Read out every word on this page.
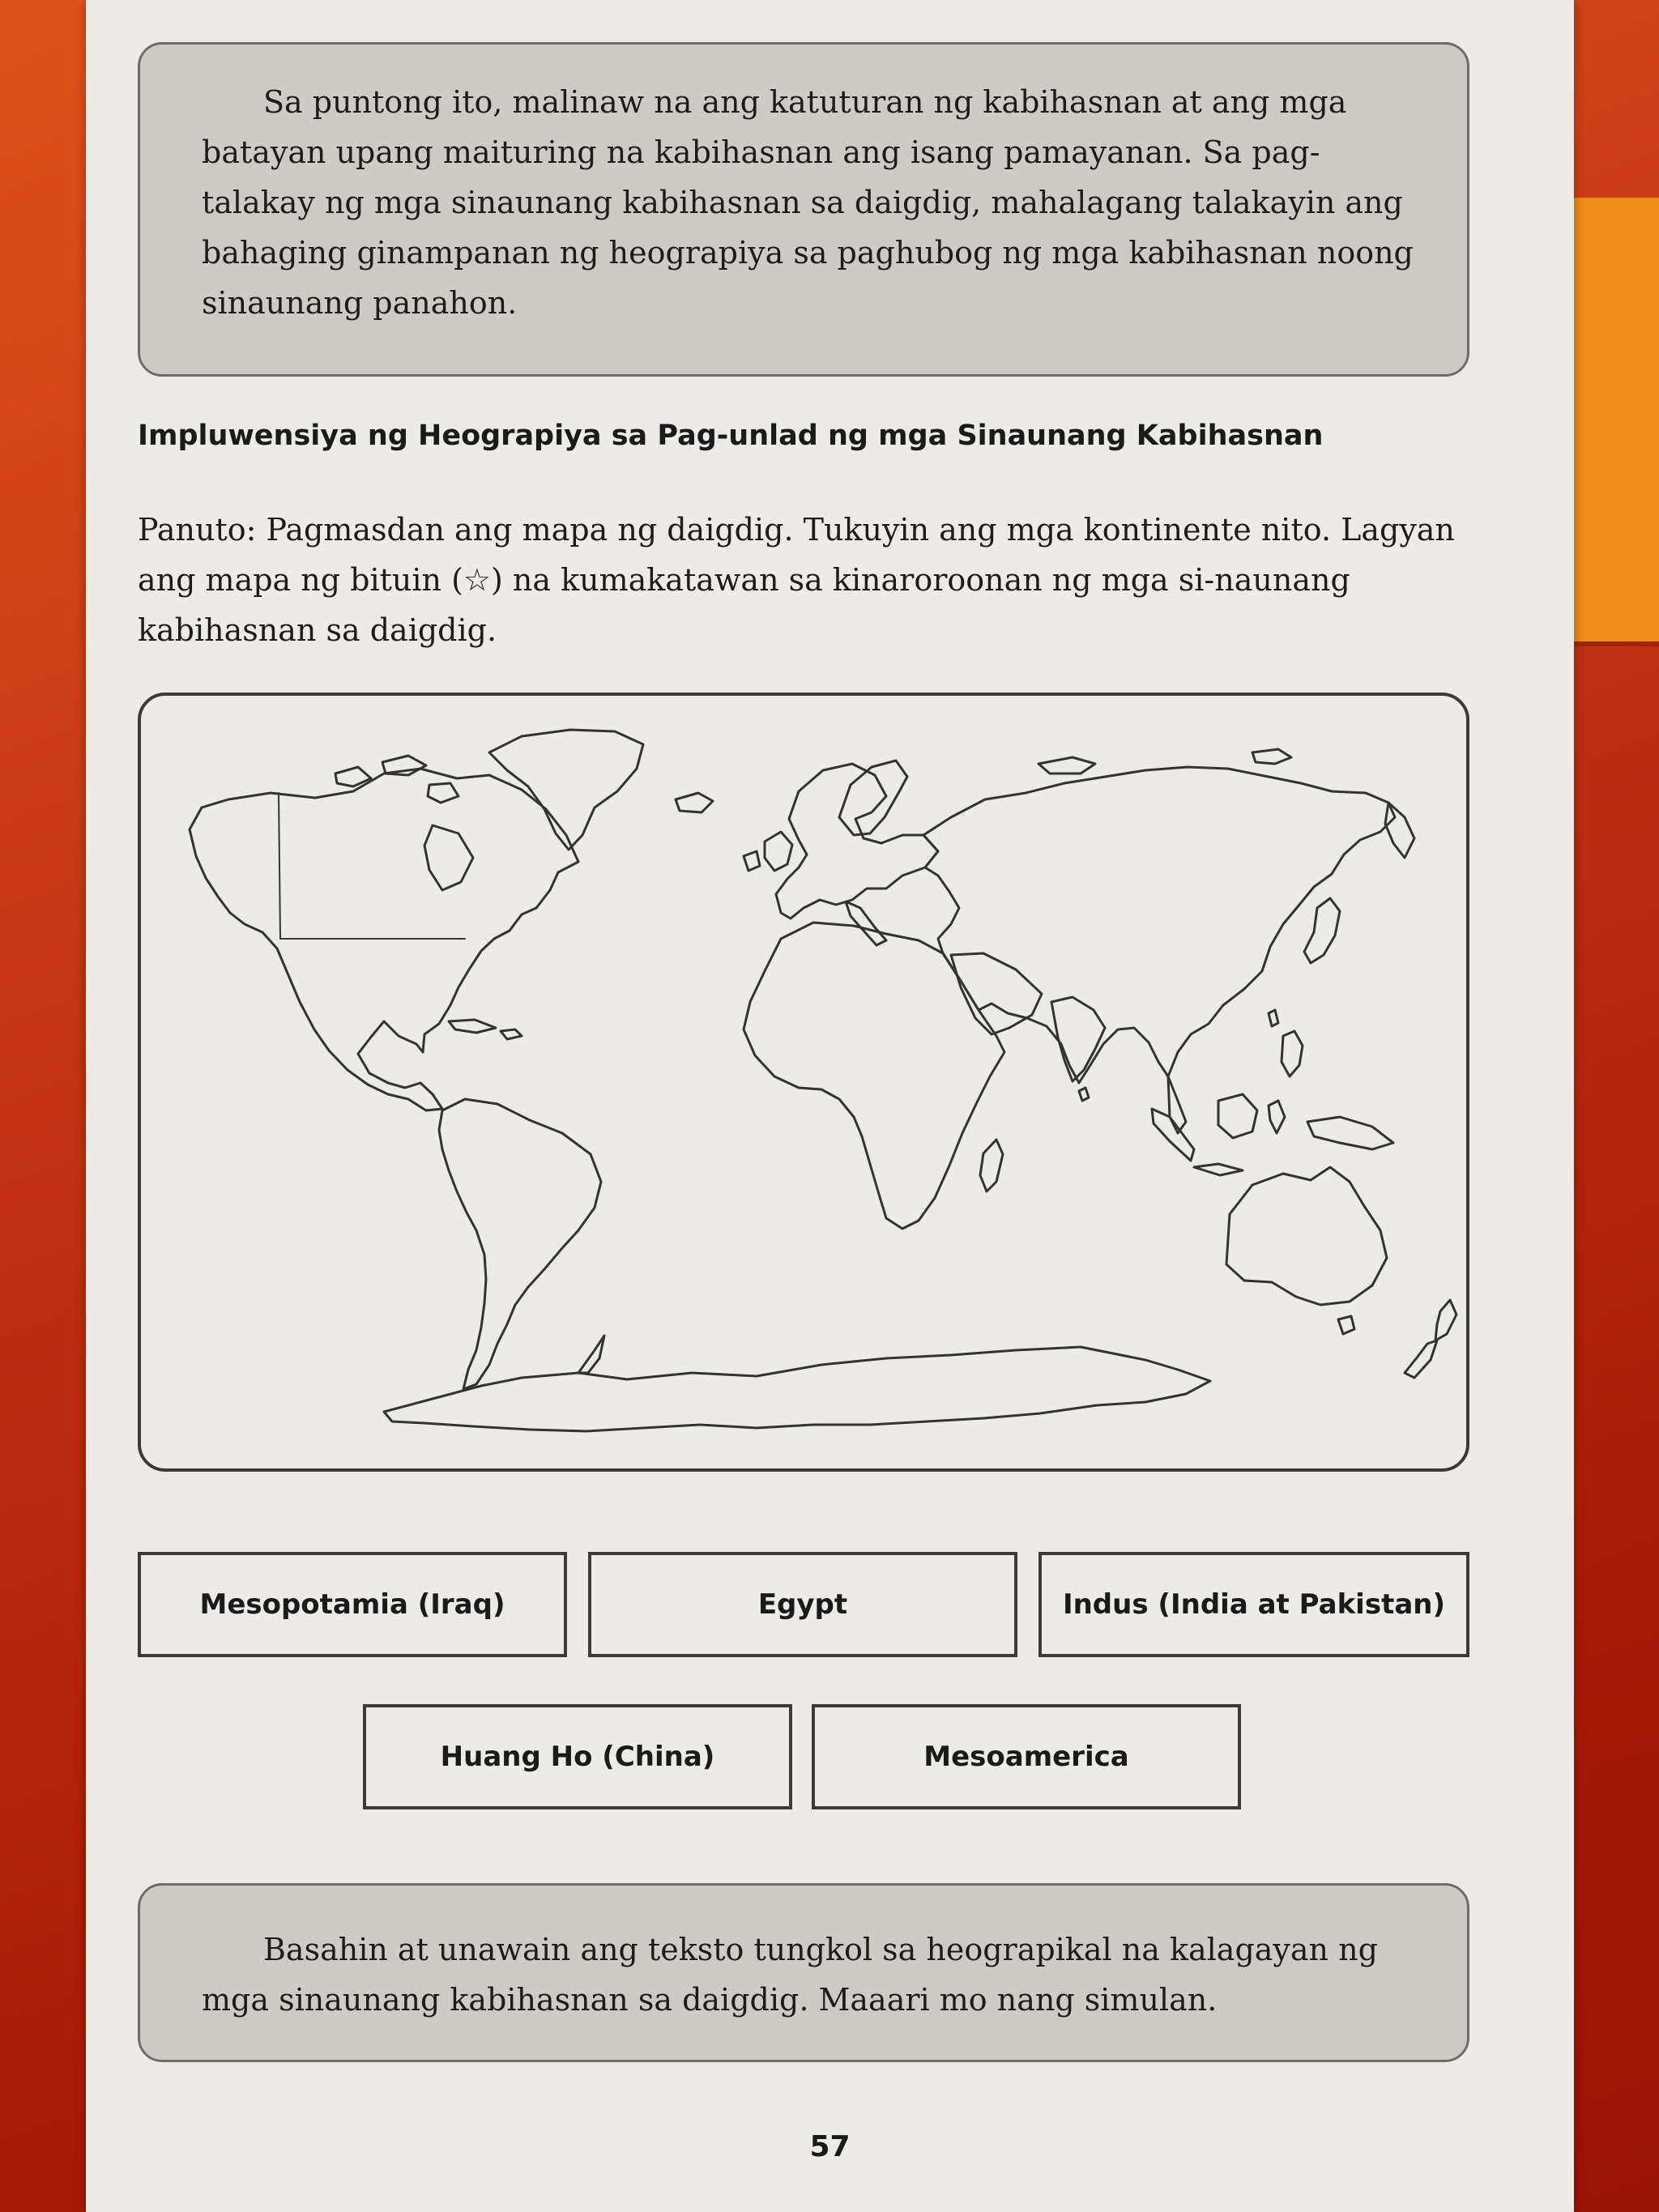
Sa puntong ito, malinaw na ang katuturan ng kabihasnan at ang mga batayan upang maituring na kabihasnan ang isang pamayanan. Sa pag-talakay ng mga sinaunang kabihasnan sa daigdig, mahalagang talakayin ang bahaging ginampanan ng heograpiya sa paghubog ng mga kabihasnan noong sinaunang panahon.

Impluwensiya ng Heograpiya sa Pag-unlad ng mga Sinaunang Kabihasnan

Panuto: Pagmasdan ang mapa ng daigdig. Tukuyin ang mga kontinente nito. Lagyan ang mapa ng bituin (☆) na kumakatawan sa kinaroroonan ng mga si-naunang kabihasnan sa daigdig.

Mesopotamia (Iraq)	Egypt	Indus (India at Pakistan)
Huang Ho (China)	Mesoamerica

Basahin at unawain ang teksto tungkol sa heograpikal na kalagayan ng mga sinaunang kabihasnan sa daigdig. Maaari mo nang simulan.

57
